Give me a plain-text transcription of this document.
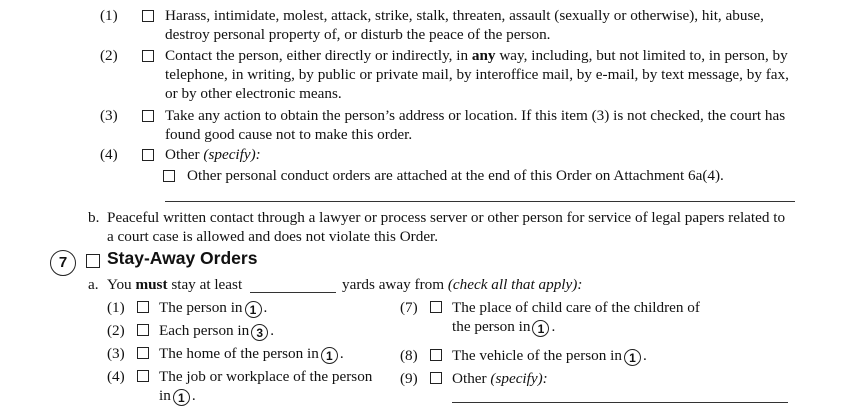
(1)	Harass, intimidate, molest, attack, strike, stalk, threaten, assault (sexually or otherwise), hit, abuse,
destroy personal property of, or disturb the peace of the person.
(2)	Contact the person, either directly or indirectly, in any way, including, but not limited to, in person, by
telephone, in writing, by public or private mail, by interoffice mail, by e-mail, by text message, by fax,
or by other electronic means.
(3)	Take any action to obtain the person’s address or location. If this item (3) is not checked, the court has
found good cause not to make this order.
(4)	Other (specify):
Other personal conduct orders are attached at the end of this Order on Attachment 6a(4).
b. Peaceful written contact through a lawyer or process server or other person for service of legal papers related to
a court case is allowed and does not violate this Order.
7	Stay-Away Orders
a. You must stay at least	yards away from (check all that apply):
(1) The person in 1 .
(2) Each person in 3 .
(3) The home of the person in 1 .
(4) The job or workplace of the person
in 1 .
(7) The place of child care of the children of
the person in 1 .
(8) The vehicle of the person in 1 .
(9) Other (specify):
